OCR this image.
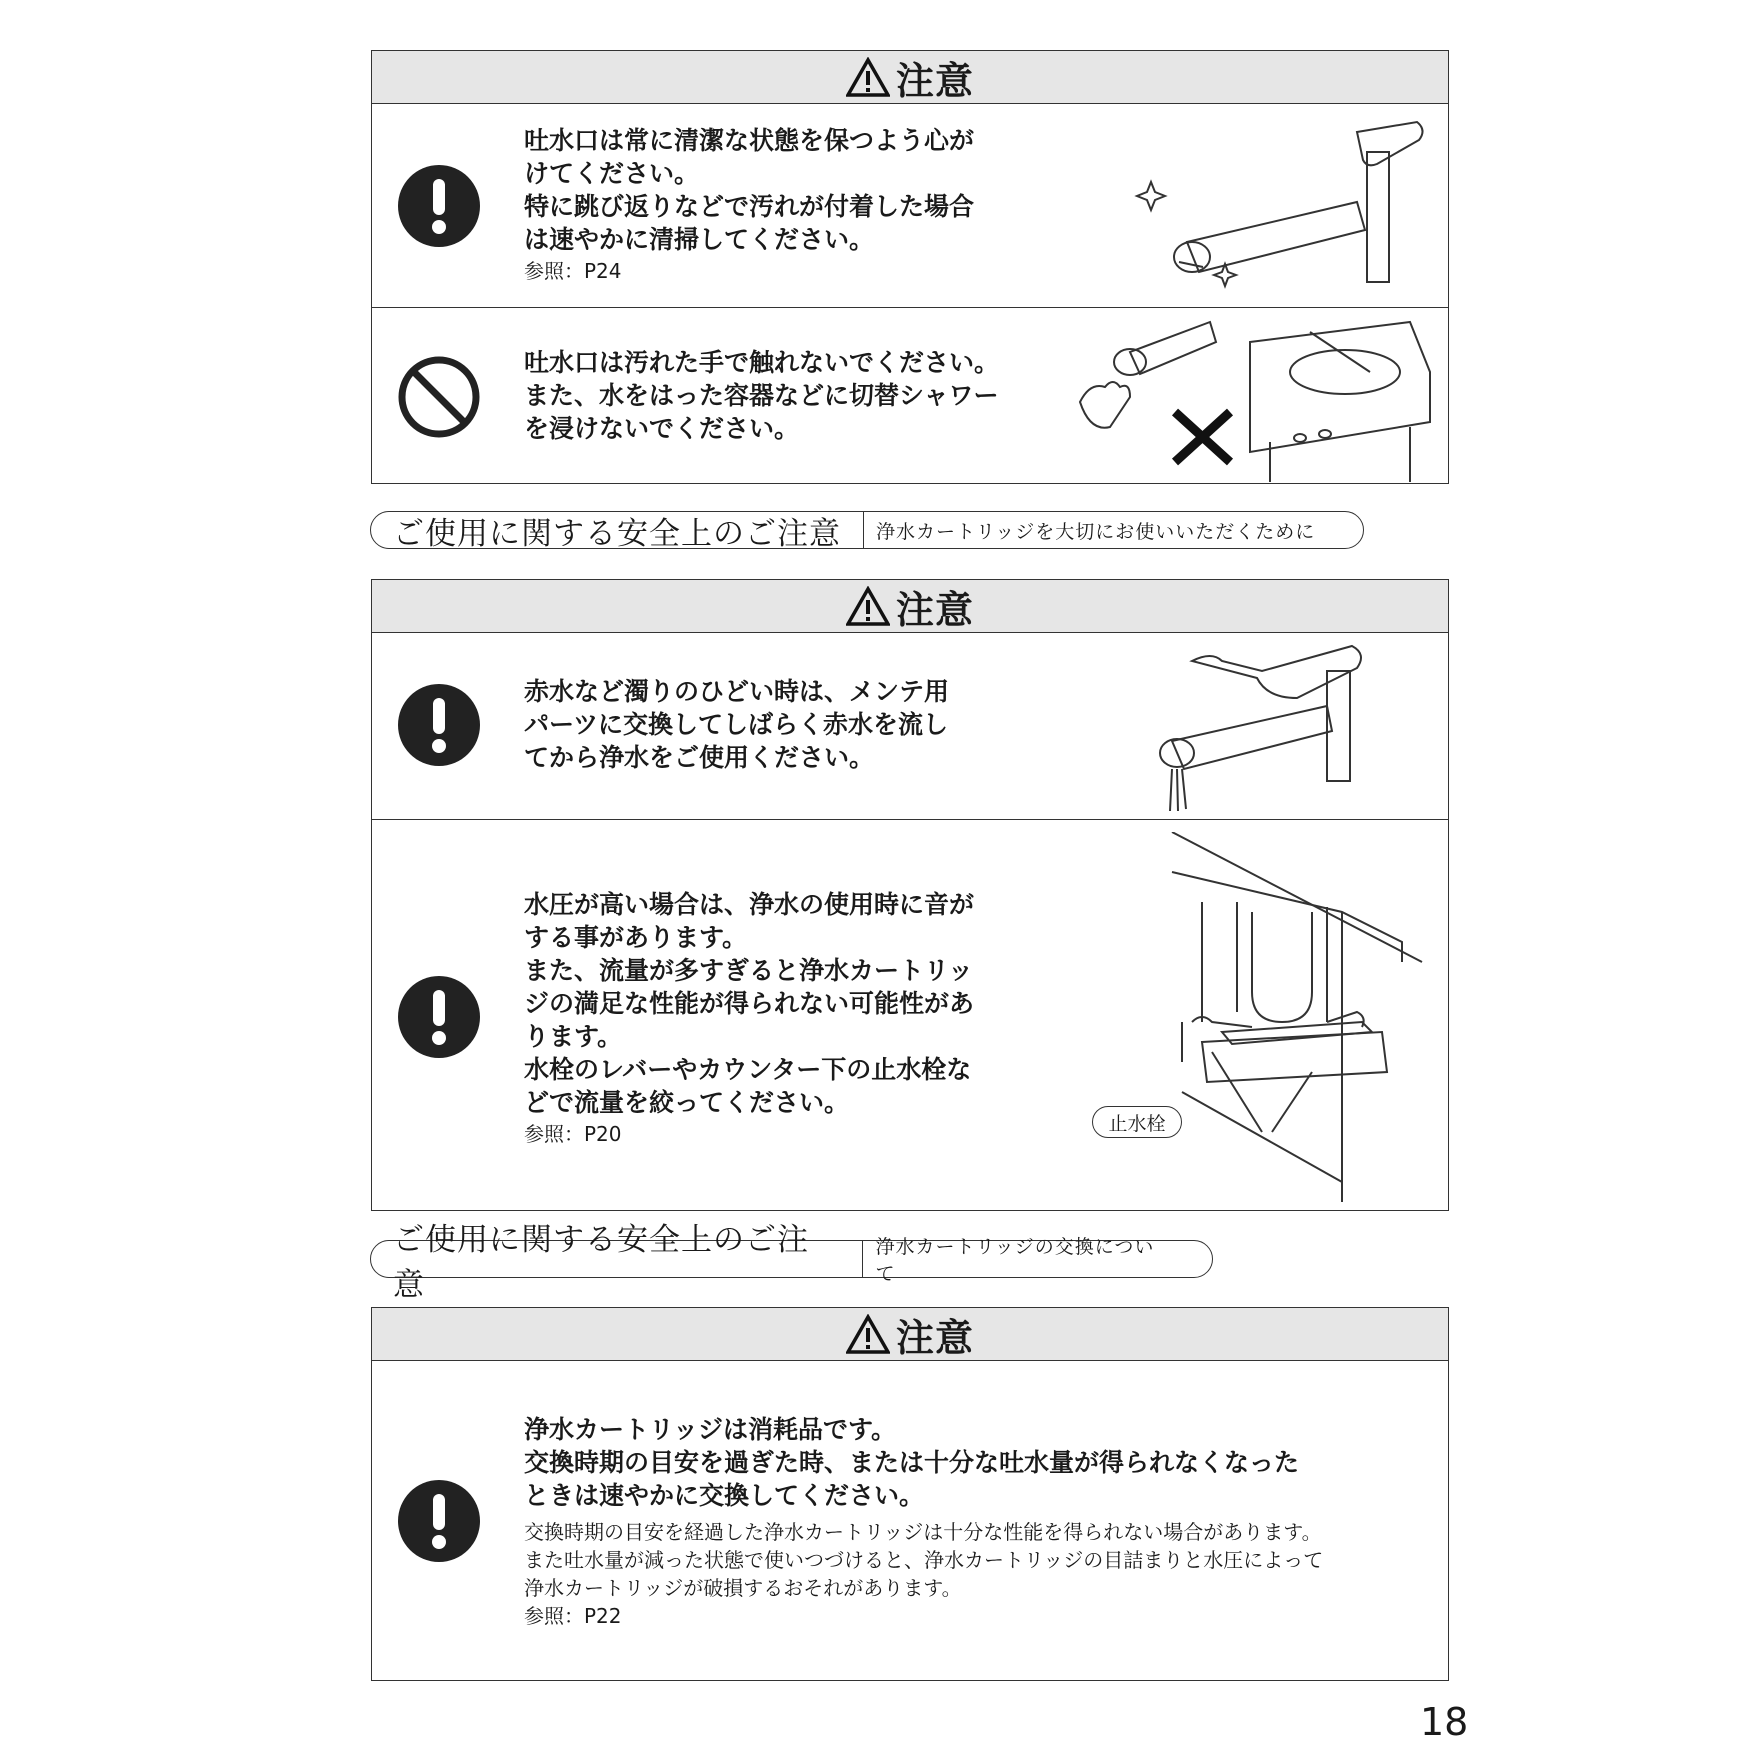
注意
吐水口は常に清潔な状態を保つよう心が
けてください。
特に跳び返りなどで汚れが付着した場合
は速やかに清掃してください。
参照：P24
吐水口は汚れた手で触れないでください。
また、水をはった容器などに切替シャワー
を浸けないでください。
ご使用に関する安全上のご注意	浄水カートリッジを大切にお使いいただくために
注意
赤水など濁りのひどい時は、メンテ用
パーツに交換してしばらく赤水を流し
てから浄水をご使用ください。
水圧が高い場合は、浄水の使用時に音が
する事があります。
また、流量が多すぎると浄水カートリッ
ジの満足な性能が得られない可能性があ
ります。
水栓のレバーやカウンター下の止水栓な
どで流量を絞ってください。
参照：P20	止水栓
ご使用に関する安全上のご注意
浄水カートリッジの交換について
注意
浄水カートリッジは消耗品です。
交換時期の目安を過ぎた時、または十分な吐水量が得られなくなった
ときは速やかに交換してください。
交換時期の目安を経過した浄水カートリッジは十分な性能を得られない場合があります。
また吐水量が減った状態で使いつづけると、浄水カートリッジの目詰まりと水圧によって
浄水カートリッジが破損するおそれがあります。
参照：P22
18
